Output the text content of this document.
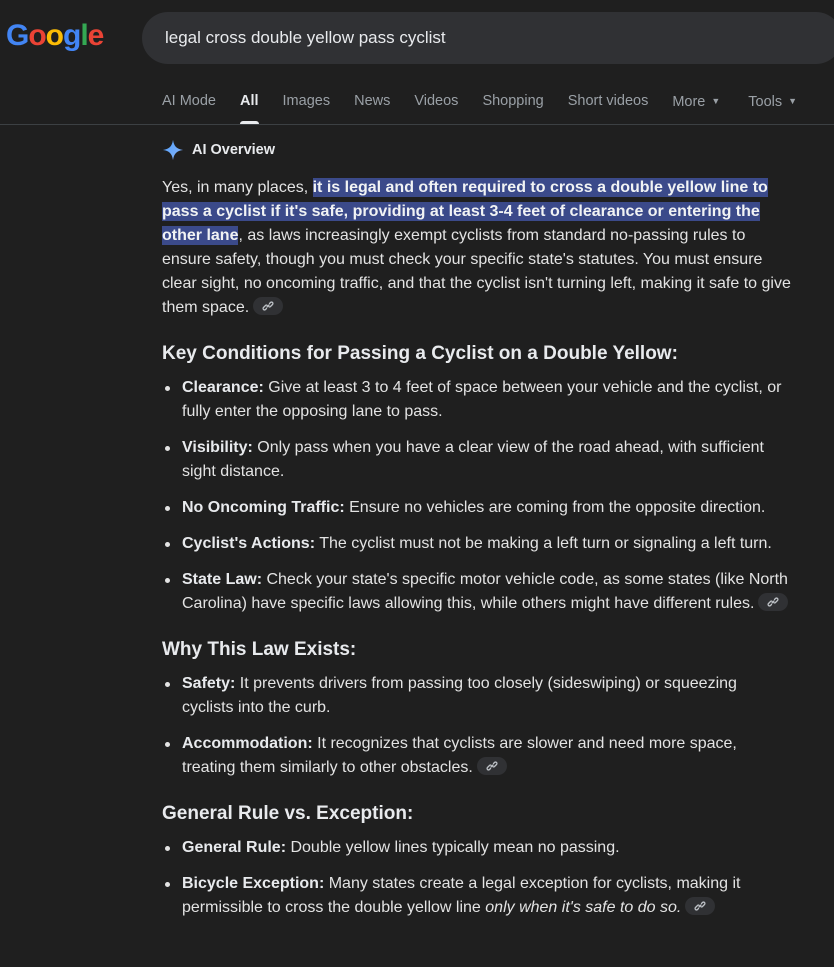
Google
legal cross double yellow pass cyclist
AI Mode All Images News Videos Shopping Short videos More ▼ Tools ▼
AI Overview
Yes, in many places, it is legal and often required to cross a double yellow line to pass a cyclist if it's safe, providing at least 3-4 feet of clearance or entering the other lane, as laws increasingly exempt cyclists from standard no-passing rules to ensure safety, though you must check your specific state's statutes. You must ensure clear sight, no oncoming traffic, and that the cyclist isn't turning left, making it safe to give them space.
Key Conditions for Passing a Cyclist on a Double Yellow:
Clearance: Give at least 3 to 4 feet of space between your vehicle and the cyclist, or fully enter the opposing lane to pass.
Visibility: Only pass when you have a clear view of the road ahead, with sufficient sight distance.
No Oncoming Traffic: Ensure no vehicles are coming from the opposite direction.
Cyclist's Actions: The cyclist must not be making a left turn or signaling a left turn.
State Law: Check your state's specific motor vehicle code, as some states (like North Carolina) have specific laws allowing this, while others might have different rules.
Why This Law Exists:
Safety: It prevents drivers from passing too closely (sideswiping) or squeezing cyclists into the curb.
Accommodation: It recognizes that cyclists are slower and need more space, treating them similarly to other obstacles.
General Rule vs. Exception:
General Rule: Double yellow lines typically mean no passing.
Bicycle Exception: Many states create a legal exception for cyclists, making it permissible to cross the double yellow line only when it's safe to do so.
